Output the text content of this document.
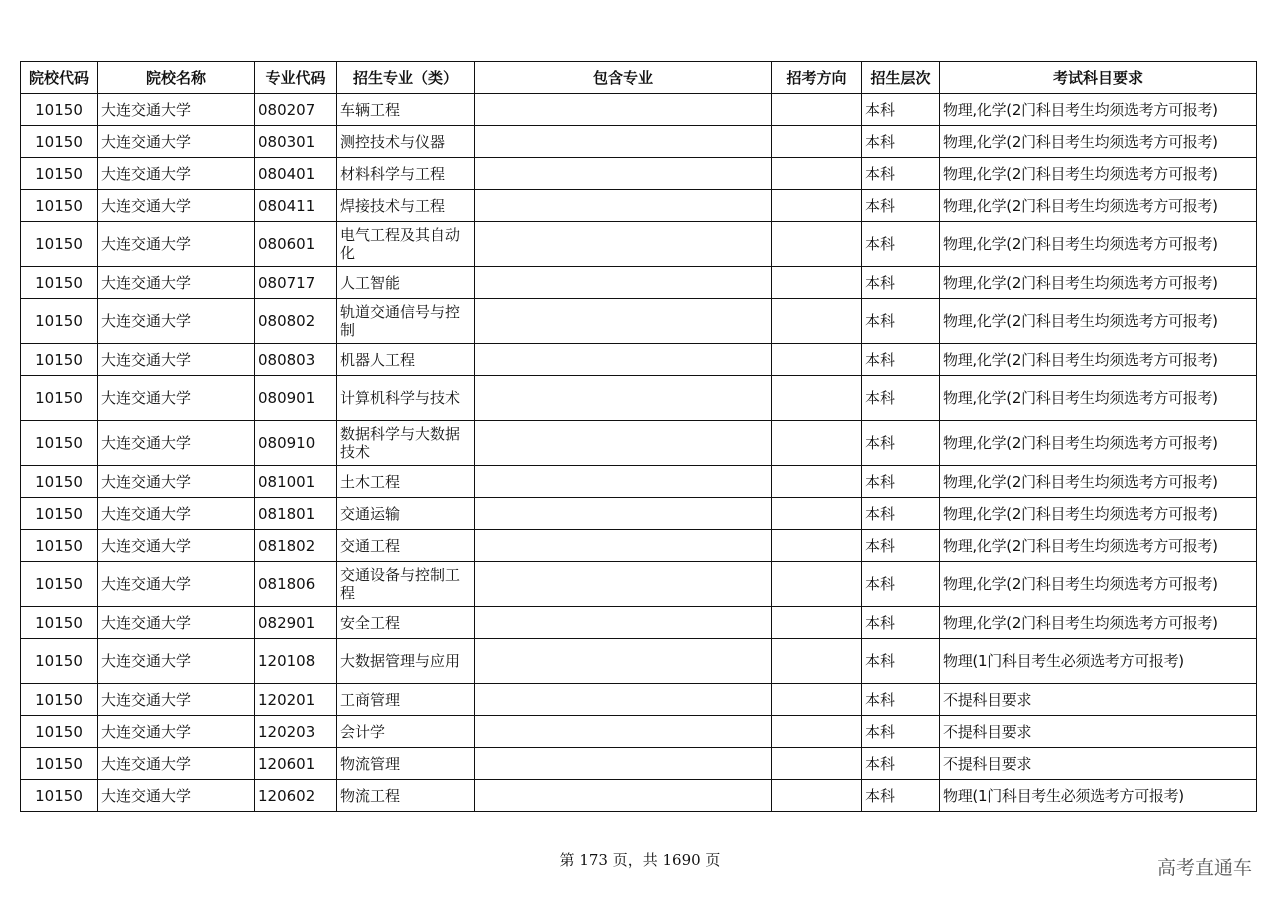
院校代码	院校名称	专业代码	招生专业（类）	包含专业	招考方向	招生层次	考试科目要求
10150	大连交通大学	080207	车辆工程			本科	物理,化学(2门科目考生均须选考方可报考)
10150	大连交通大学	080301	测控技术与仪器			本科	物理,化学(2门科目考生均须选考方可报考)
10150	大连交通大学	080401	材料科学与工程			本科	物理,化学(2门科目考生均须选考方可报考)
10150	大连交通大学	080411	焊接技术与工程			本科	物理,化学(2门科目考生均须选考方可报考)
10150	大连交通大学	080601	电气工程及其自动化			本科	物理,化学(2门科目考生均须选考方可报考)
10150	大连交通大学	080717	人工智能			本科	物理,化学(2门科目考生均须选考方可报考)
10150	大连交通大学	080802	轨道交通信号与控制			本科	物理,化学(2门科目考生均须选考方可报考)
10150	大连交通大学	080803	机器人工程			本科	物理,化学(2门科目考生均须选考方可报考)
10150	大连交通大学	080901	计算机科学与技术			本科	物理,化学(2门科目考生均须选考方可报考)
10150	大连交通大学	080910	数据科学与大数据技术			本科	物理,化学(2门科目考生均须选考方可报考)
10150	大连交通大学	081001	土木工程			本科	物理,化学(2门科目考生均须选考方可报考)
10150	大连交通大学	081801	交通运输			本科	物理,化学(2门科目考生均须选考方可报考)
10150	大连交通大学	081802	交通工程			本科	物理,化学(2门科目考生均须选考方可报考)
10150	大连交通大学	081806	交通设备与控制工程			本科	物理,化学(2门科目考生均须选考方可报考)
10150	大连交通大学	082901	安全工程			本科	物理,化学(2门科目考生均须选考方可报考)
10150	大连交通大学	120108	大数据管理与应用			本科	物理(1门科目考生必须选考方可报考)
10150	大连交通大学	120201	工商管理			本科	不提科目要求
10150	大连交通大学	120203	会计学			本科	不提科目要求
10150	大连交通大学	120601	物流管理			本科	不提科目要求
10150	大连交通大学	120602	物流工程			本科	物理(1门科目考生必须选考方可报考)
第 173 页，共 1690 页	高考直通车
